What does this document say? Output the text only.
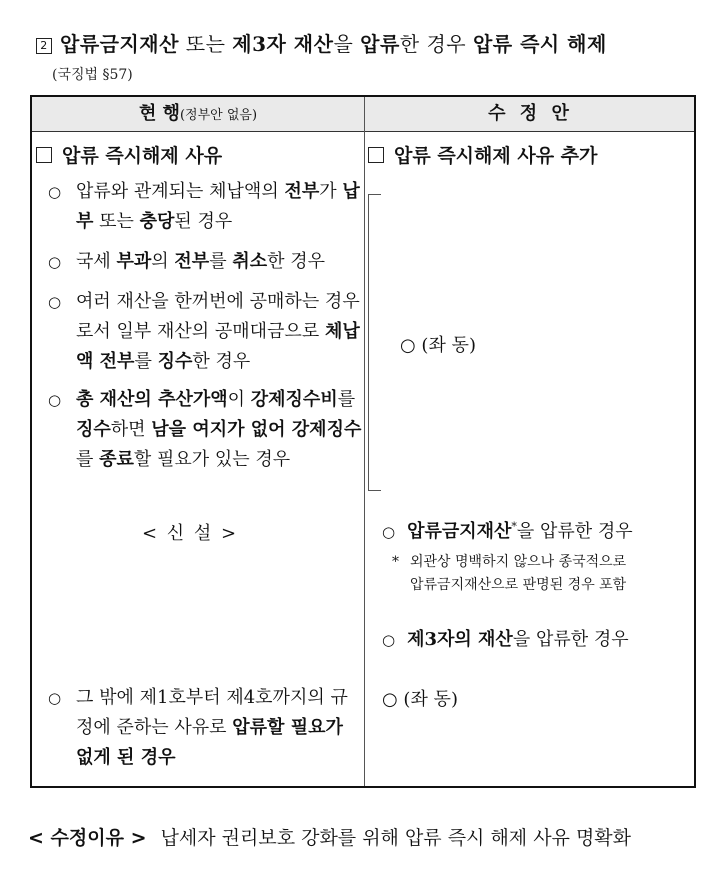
2 압류금지재산 또는 제3자 재산을 압류한 경우 압류 즉시 해제
(국징법 §57)
현 행(정부안 없음)	수 정 안
압류 즉시해제 사유
○ 압류와 관계되는 체납액의 전부가 납부 또는 충당된 경우
○ 국세 부과의 전부를 취소한 경우
○ 여러 재산을 한꺼번에 공매하는 경우로서 일부 재산의 공매대금으로 체납액 전부를 징수한 경우
○ 총 재산의 추산가액이 강제징수비를 징수하면 남을 여지가 없어 강제징수를 종료할 필요가 있는 경우
< 신 설 >
○ 그 밖에 제1호부터 제4호까지의 규정에 준하는 사유로 압류할 필요가 없게 된 경우
압류 즉시해제 사유 추가
○ (좌 동)
○ 압류금지재산*을 압류한 경우
* 외관상 명백하지 않으나 종국적으로
압류금지재산으로 판명된 경우 포함
○ 제3자의 재산을 압류한 경우
○ (좌 동)
< 수정이유 > 납세자 권리보호 강화를 위해 압류 즉시 해제 사유 명확화
